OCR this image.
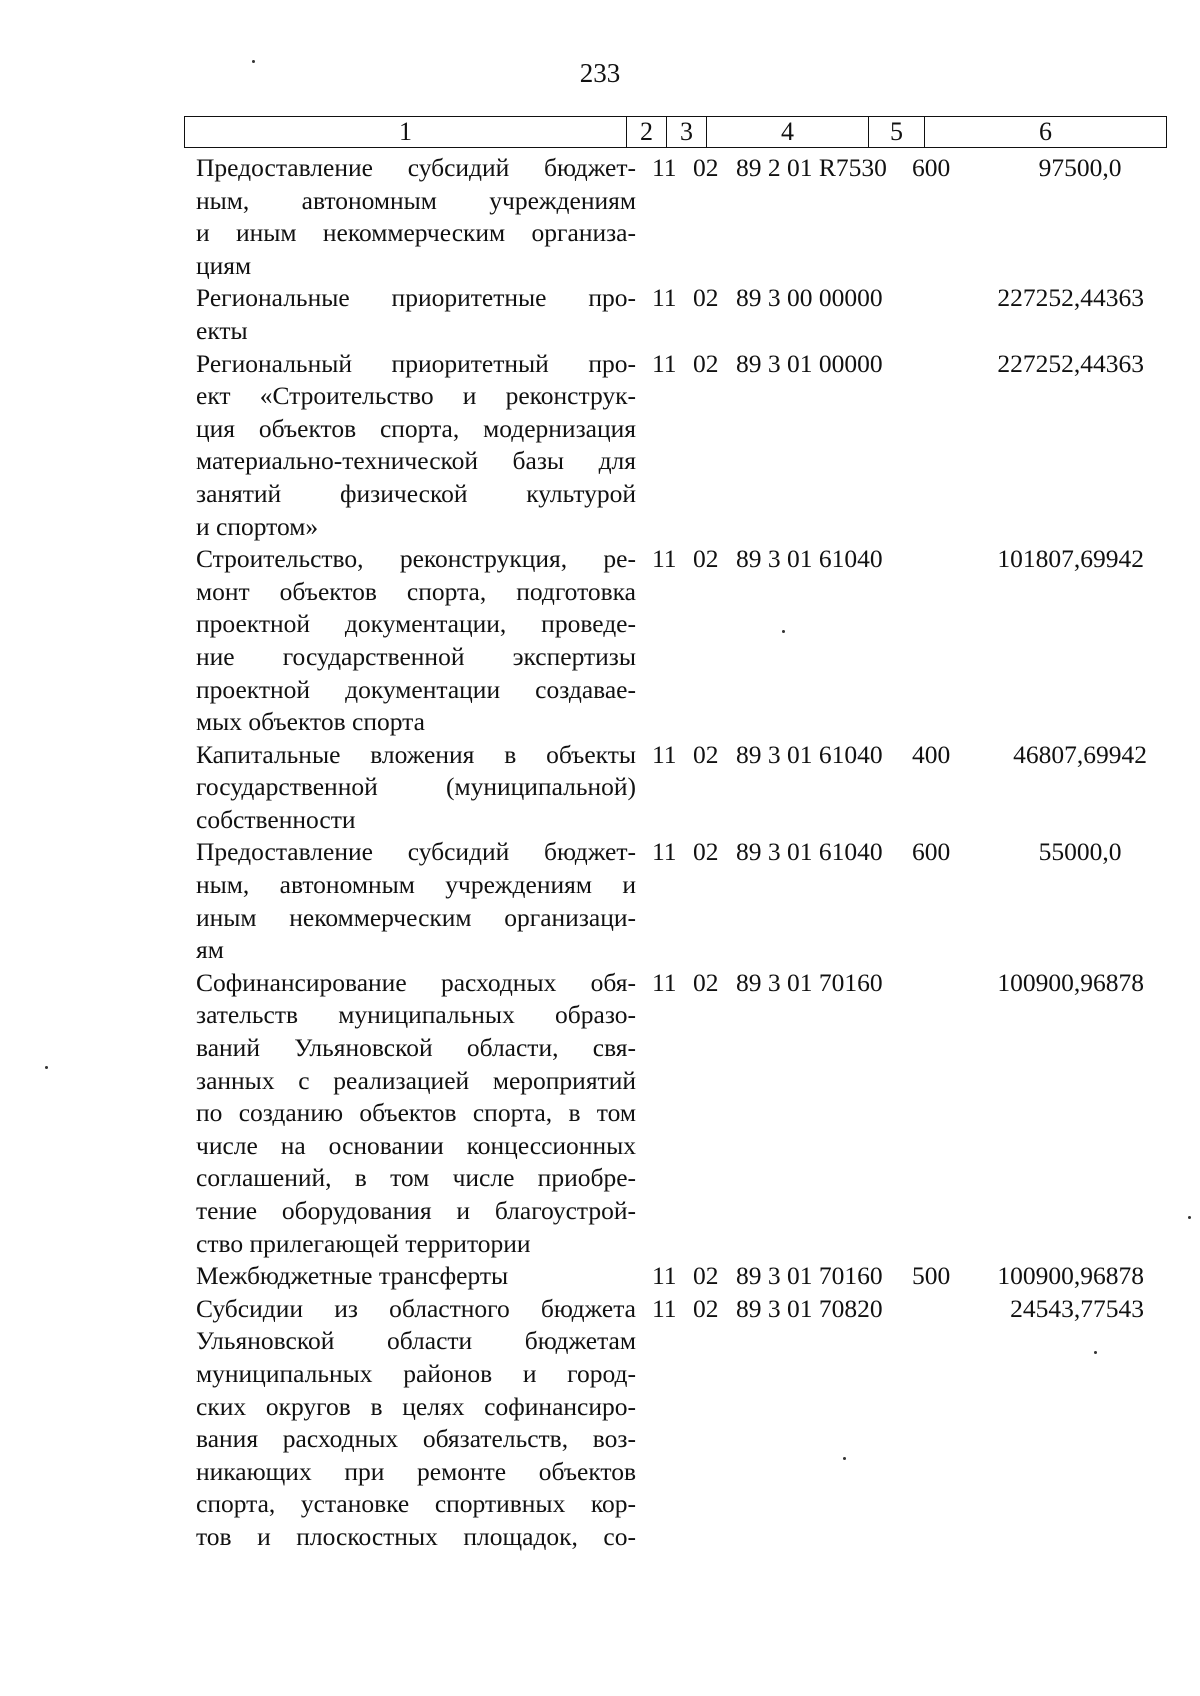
233
1	2	3	4	5	6
Предоставление субсидий бюджет-
ным, автономным учреждениям
и иным некоммерческим организа-
циям
11 02 89 2 01 R7530 600	97500,0
Региональные приоритетные про-
екты
11 02 89 3 00 00000	227252,44363
Региональный приоритетный про-
ект «Строительство и реконструк-
ция объектов спорта, модернизация
материально-технической базы для
занятий физической культурой
и спортом»
11 02 89 3 01 00000	227252,44363
Строительство, реконструкция, ре-
монт объектов спорта, подготовка
проектной документации, проведе-
ние государственной экспертизы
проектной документации создавае-
мых объектов спорта
11 02 89 3 01 61040	101807,69942
Капитальные вложения в объекты
государственной (муниципальной)
собственности
11 02 89 3 01 61040 400	46807,69942
Предоставление субсидий бюджет-
ным, автономным учреждениям и
иным некоммерческим организаци-
ям
11 02 89 3 01 61040 600	55000,0
Софинансирование расходных обя-
зательств муниципальных образо-
ваний Ульяновской области, свя-
занных с реализацией мероприятий
по созданию объектов спорта, в том
числе на основании концессионных
соглашений, в том числе приобре-
тение оборудования и благоустрой-
ство прилегающей территории
11 02 89 3 01 70160	100900,96878
Межбюджетные трансферты	11 02 89 3 01 70160 500 100900,96878
Субсидии из областного бюджета
Ульяновской области бюджетам
муниципальных районов и город-
ских округов в целях софинансиро-
вания расходных обязательств, воз-
никающих при ремонте объектов
спорта, установке спортивных кор-
тов и плоскостных площадок, со-
11 02 89 3 01 70820	24543,77543
